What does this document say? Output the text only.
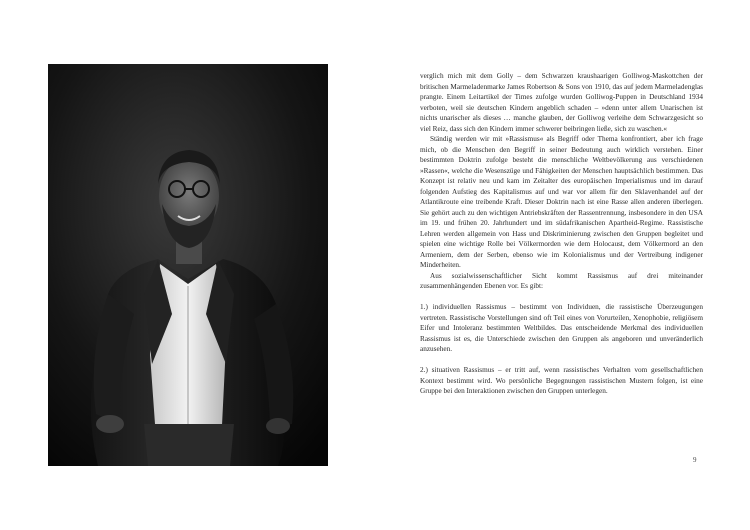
verglich mich mit dem Golly – dem Schwarzen kraushaarigen Golliwog-Maskottchen der britischen Marmeladenmarke James Robertson & Sons von 1910, das auf jedem Marmeladenglas prangte. Einem Leitartikel der Times zufolge wurden Golliwog-Puppen in Deutschland 1934 verboten, weil sie deutschen Kindern angeblich schaden – »denn unter allem Unarischen ist nichts unarischer als dieses … manche glauben, der Golliwog verleihe dem Schwarzgesicht so viel Reiz, dass sich den Kindern immer schwerer beibringen ließe, sich zu waschen.«

Ständig werden wir mit »Rassismus« als Begriff oder Thema konfrontiert, aber ich frage mich, ob die Menschen den Begriff in seiner Bedeutung auch wirklich verstehen. Einer bestimmten Doktrin zufolge besteht die menschliche Weltbevölkerung aus verschiedenen »Rassen«, welche die Wesenszüge und Fähigkeiten der Menschen hauptsächlich bestimmen. Das Konzept ist relativ neu und kam im Zeitalter des europäischen Imperialismus und im darauf folgenden Aufstieg des Kapitalismus auf und war vor allem für den Sklavenhandel auf der Atlantikroute eine treibende Kraft. Dieser Doktrin nach ist eine Rasse allen anderen überlegen. Sie gehört auch zu den wichtigen Antriebskräften der Rassentrennung, insbesondere in den USA im 19. und frühen 20. Jahrhundert und im südafrikanischen Apartheid-Regime. Rassistische Lehren werden allgemein von Hass und Diskriminierung zwischen den Gruppen begleitet und spielen eine wichtige Rolle bei Völkermorden wie dem Holocaust, dem Völkermord an den Armeniern, dem der Serben, ebenso wie im Kolonialismus und der Vertreibung indigener Minderheiten.

Aus sozialwissenschaftlicher Sicht kommt Rassismus auf drei miteinander zusammenhängenden Ebenen vor. Es gibt:

1.) individuellen Rassismus – bestimmt von Individuen, die rassistische Überzeugungen vertreten. Rassistische Vorstellungen sind oft Teil eines von Vorurteilen, Xenophobie, religiösem Eifer und Intoleranz bestimmten Weltbildes. Das entscheidende Merkmal des individuellen Rassismus ist es, die Unterschiede zwischen den Gruppen als angeboren und unveränderlich anzusehen.

2.) situativen Rassismus – er tritt auf, wenn rassistisches Verhalten vom gesellschaftlichen Kontext bestimmt wird. Wo persönliche Begegnungen rassistischen Mustern folgen, ist eine Gruppe bei den Interaktionen zwischen den Gruppen unterlegen.

9
